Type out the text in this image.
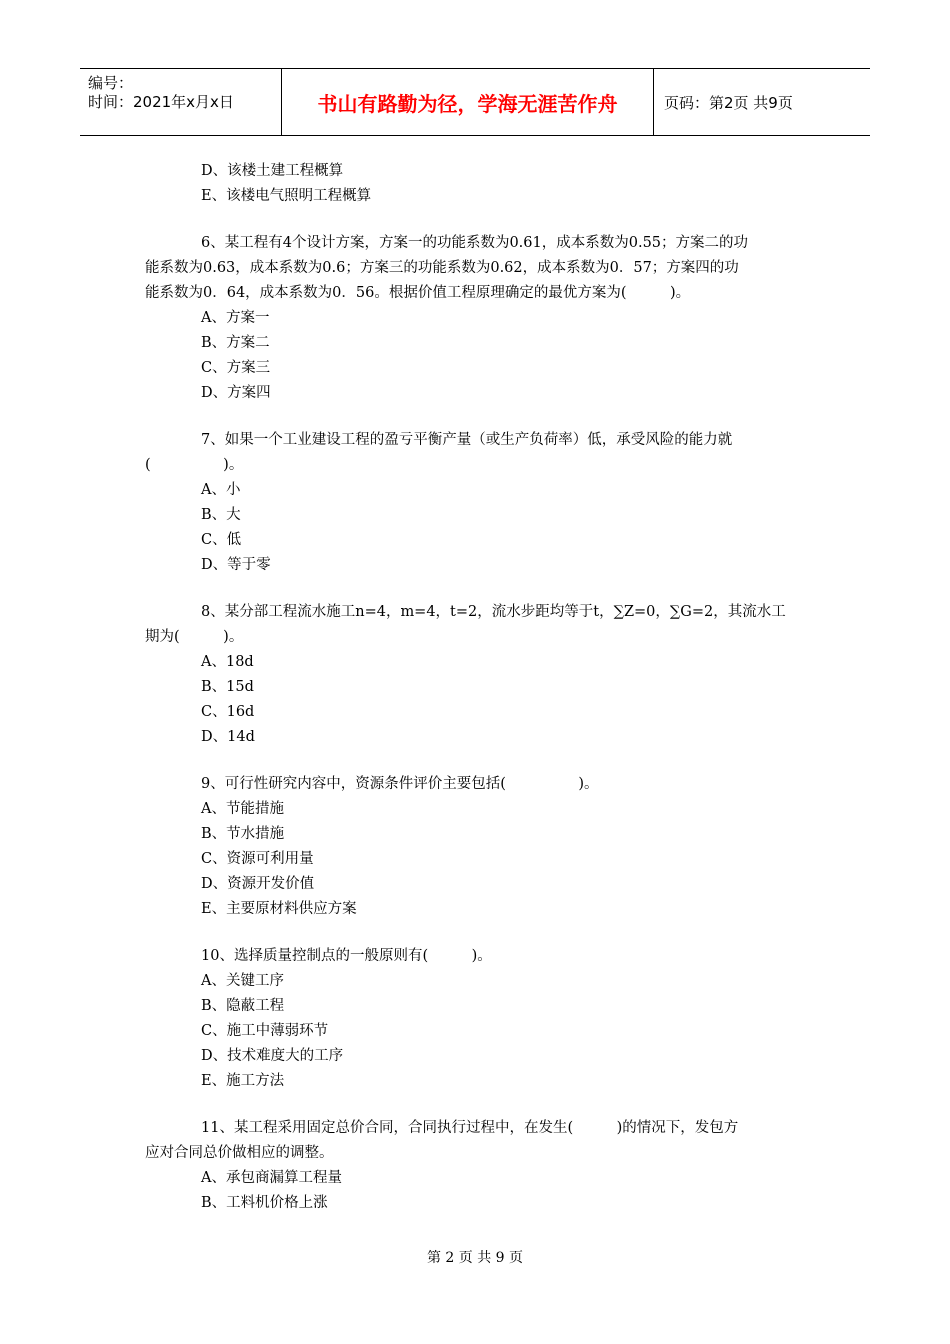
编号：
时间：2021年x月x日	书山有路勤为径，学海无涯苦作舟	页码：第2页 共9页
D、该楼土建工程概算
E、该楼电气照明工程概算
6、某工程有4个设计方案，方案一的功能系数为0.61，成本系数为0.55；方案二的功
能系数为0.63，成本系数为0.6；方案三的功能系数为0.62，成本系数为0．57；方案四的功
能系数为0．64，成本系数为0．56。根据价值工程原理确定的最优方案为(　　　)。
A、方案一
B、方案二
C、方案三
D、方案四
7、如果一个工业建设工程的盈亏平衡产量（或生产负荷率）低，承受风险的能力就
(　　　　　)。
A、小
B、大
C、低
D、等于零
8、某分部工程流水施工n=4，m=4，t=2，流水步距均等于t，∑Z=0，∑G=2，其流水工
期为(　　　)。
A、18d
B、15d
C、16d
D、14d
9、可行性研究内容中，资源条件评价主要包括(　　　　　)。
A、节能措施
B、节水措施
C、资源可利用量
D、资源开发价值
E、主要原材料供应方案
10、选择质量控制点的一般原则有(　　　)。
A、关键工序
B、隐蔽工程
C、施工中薄弱环节
D、技术难度大的工序
E、施工方法
11、某工程采用固定总价合同，合同执行过程中，在发生(　　　)的情况下，发包方
应对合同总价做相应的调整。
A、承包商漏算工程量
B、工料机价格上涨
第 2 页 共 9 页
